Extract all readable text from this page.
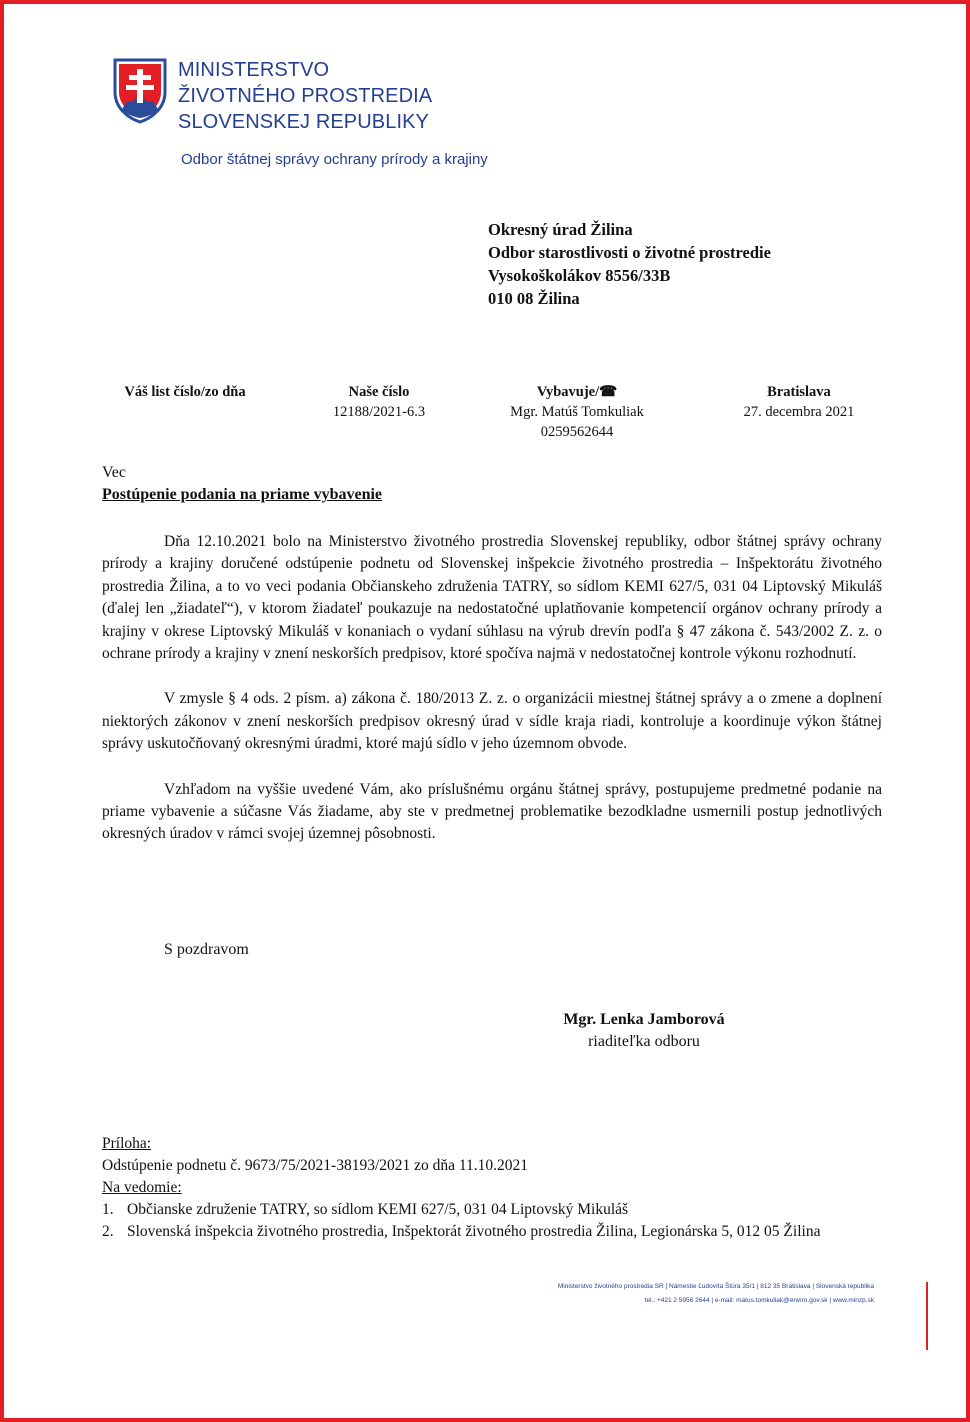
MINISTERSTVO
ŽIVOTNÉHO PROSTREDIA
SLOVENSKEJ REPUBLIKY
Odbor štátnej správy ochrany prírody a krajiny
Okresný úrad Žilina
Odbor starostlivosti o životné prostredie
Vysokoškolákov 8556/33B
010 08 Žilina
Váš list číslo/zo dňa	Naše číslo
12188/2021-6.3
Vybavuje/☎
Mgr. Matúš Tomkuliak
0259562644
Bratislava
27. decembra 2021
Vec
Postúpenie podania na priame vybavenie

Dňa 12.10.2021 bolo na Ministerstvo životného prostredia Slovenskej republiky, odbor štátnej správy ochrany prírody a krajiny doručené odstúpenie podnetu od Slovenskej inšpekcie životného prostredia – Inšpektorátu životného prostredia Žilina, a to vo veci podania Občianskeho združenia TATRY, so sídlom KEMI 627/5, 031 04 Liptovský Mikuláš (ďalej len „žiadateľ“), v ktorom žiadateľ poukazuje na nedostatočné uplatňovanie kompetencií orgánov ochrany prírody a krajiny v okrese Liptovský Mikuláš v konaniach o vydaní súhlasu na výrub drevín podľa § 47 zákona č. 543/2002 Z. z. o ochrane prírody a krajiny v znení neskorších predpisov, ktoré spočíva najmä v nedostatočnej kontrole výkonu rozhodnutí.

V zmysle § 4 ods. 2 písm. a) zákona č. 180/2013 Z. z. o organizácii miestnej štátnej správy a o zmene a doplnení niektorých zákonov v znení neskorších predpisov okresný úrad v sídle kraja riadi, kontroluje a koordinuje výkon štátnej správy uskutočňovaný okresnými úradmi, ktoré majú sídlo v jeho územnom obvode.

Vzhľadom na vyššie uvedené Vám, ako príslušnému orgánu štátnej správy, postupujeme predmetné podanie na priame vybavenie a súčasne Vás žiadame, aby ste v predmetnej problematike bezodkladne usmernili postup jednotlivých okresných úradov v rámci svojej územnej pôsobnosti.

S pozdravom
Mgr. Lenka Jamborová
riaditeľka odboru
Príloha:
Odstúpenie podnetu č. 9673/75/2021-38193/2021 zo dňa 11.10.2021
Na vedomie:
1. Občianske združenie TATRY, so sídlom KEMI 627/5, 031 04 Liptovský Mikuláš
2. Slovenská inšpekcia životného prostredia, Inšpektorát životného prostredia Žilina, Legionárska 5, 012 05 Žilina
Ministerstvo životného prostredia SR | Námestie Ľudovíta Štúra 35/1 | 812 35 Bratislava | Slovenská republika
tel.: +421 2 5956 2644 | e-mail: matus.tomkuliak@enviro.gov.sk | www.minzp.sk
